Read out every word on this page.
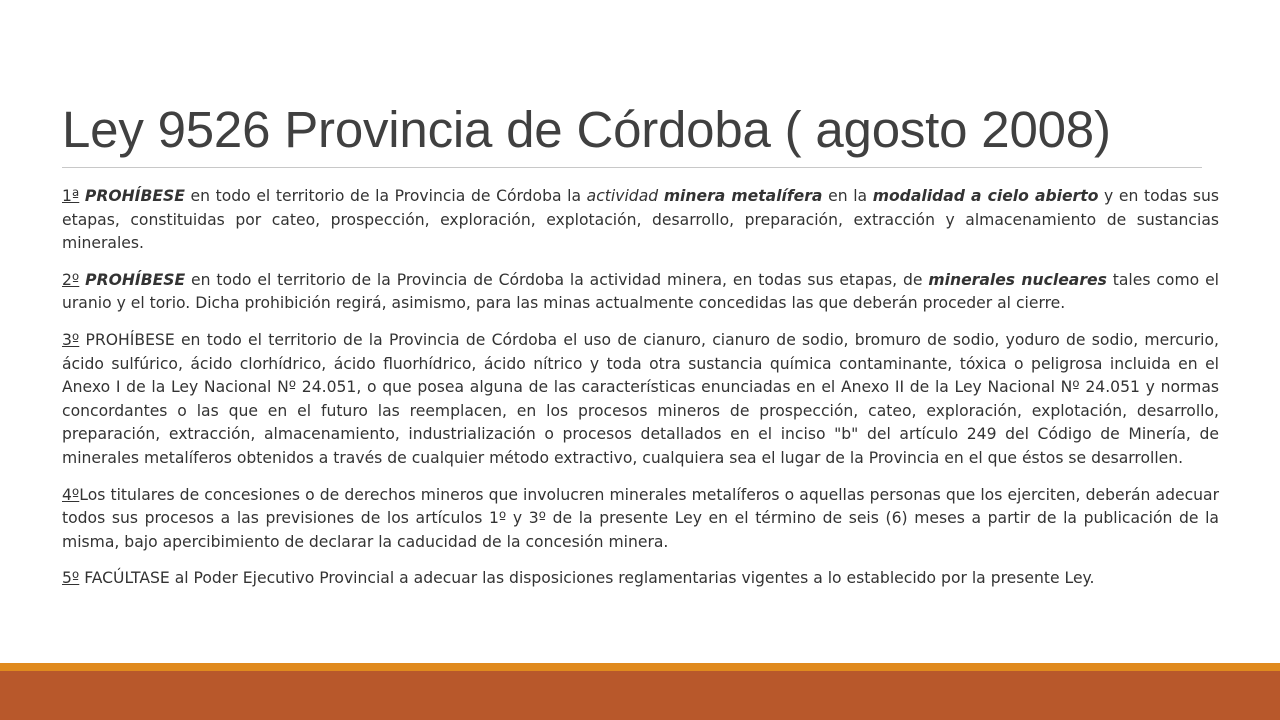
Ley 9526 Provincia de Córdoba ( agosto 2008)

1ª PROHÍBESE en todo el territorio de la Provincia de Córdoba la actividad minera metalífera en la modalidad a cielo abierto y en todas sus etapas, constituidas por cateo, prospección, exploración, explotación, desarrollo, preparación, extracción y almacenamiento de sustancias minerales.

2º PROHÍBESE en todo el territorio de la Provincia de Córdoba la actividad minera, en todas sus etapas, de minerales nucleares tales como el uranio y el torio. Dicha prohibición regirá, asimismo, para las minas actualmente concedidas las que deberán proceder al cierre.

3º PROHÍBESE en todo el territorio de la Provincia de Córdoba el uso de cianuro, cianuro de sodio, bromuro de sodio, yoduro de sodio, mercurio, ácido sulfúrico, ácido clorhídrico, ácido fluorhídrico, ácido nítrico y toda otra sustancia química contaminante, tóxica o peligrosa incluida en el Anexo I de la Ley Nacional Nº 24.051, o que posea alguna de las características enunciadas en el Anexo II de la Ley Nacional Nº 24.051 y normas concordantes o las que en el futuro las reemplacen, en los procesos mineros de prospección, cateo, exploración, explotación, desarrollo, preparación, extracción, almacenamiento, industrialización o procesos detallados en el inciso "b" del artículo 249 del Código de Minería, de minerales metalíferos obtenidos a través de cualquier método extractivo, cualquiera sea el lugar de la Provincia en el que éstos se desarrollen.

4ºLos titulares de concesiones o de derechos mineros que involucren minerales metalíferos o aquellas personas que los ejerciten, deberán adecuar todos sus procesos a las previsiones de los artículos 1º y 3º de la presente Ley en el término de seis (6) meses a partir de la publicación de la misma, bajo apercibimiento de declarar la caducidad de la concesión minera.

5º FACÚLTASE al Poder Ejecutivo Provincial a adecuar las disposiciones reglamentarias vigentes a lo establecido por la presente Ley.
